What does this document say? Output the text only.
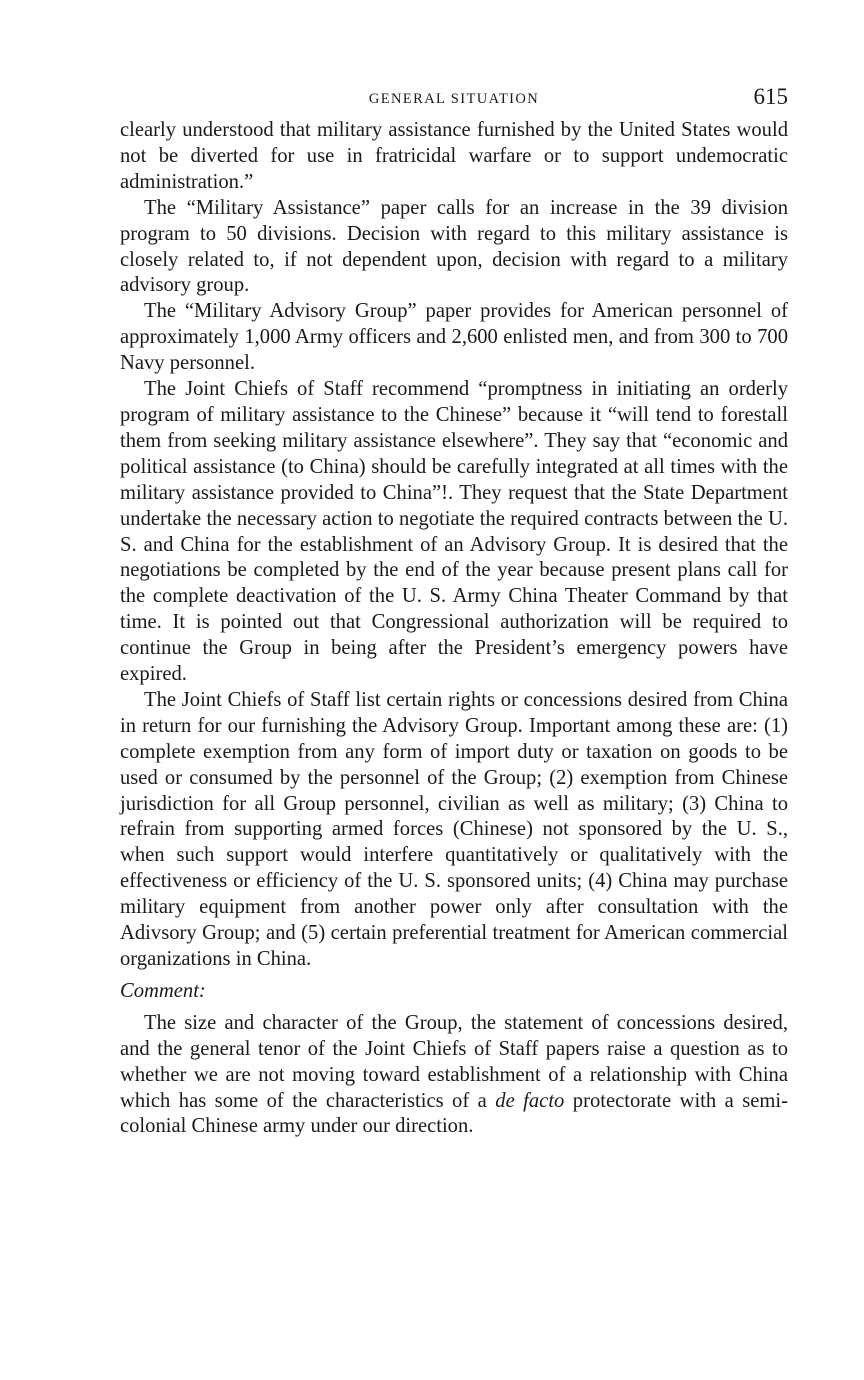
GENERAL SITUATION	615

clearly understood that military assistance furnished by the United States would not be diverted for use in fratricidal warfare or to support undemocratic administration.”

The “Military Assistance” paper calls for an increase in the 39 division program to 50 divisions. Decision with regard to this military assistance is closely related to, if not dependent upon, decision with regard to a military advisory group.

The “Military Advisory Group” paper provides for American personnel of approximately 1,000 Army officers and 2,600 enlisted men, and from 300 to 700 Navy personnel.

The Joint Chiefs of Staff recommend “promptness in initiating an orderly program of military assistance to the Chinese” because it “will tend to forestall them from seeking military assistance elsewhere”. They say that “economic and political assistance (to China) should be carefully integrated at all times with the military assistance provided to China”!. They request that the State Department undertake the necessary action to negotiate the required contracts between the U. S. and China for the establishment of an Advisory Group. It is desired that the negotiations be completed by the end of the year because present plans call for the complete deactivation of the U. S. Army China Theater Command by that time. It is pointed out that Congressional authorization will be required to continue the Group in being after the President’s emergency powers have expired.

The Joint Chiefs of Staff list certain rights or concessions desired from China in return for our furnishing the Advisory Group. Important among these are: (1) complete exemption from any form of import duty or taxation on goods to be used or consumed by the personnel of the Group; (2) exemption from Chinese jurisdiction for all Group personnel, civilian as well as military; (3) China to refrain from supporting armed forces (Chinese) not sponsored by the U. S., when such support would interfere quantitatively or qualitatively with the effectiveness or efficiency of the U. S. sponsored units; (4) China may purchase military equipment from another power only after consultation with the Adivsory Group; and (5) certain preferential treatment for American commercial organizations in China.

Comment:

The size and character of the Group, the statement of concessions desired, and the general tenor of the Joint Chiefs of Staff papers raise a question as to whether we are not moving toward establishment of a relationship with China which has some of the characteristics of a de facto protectorate with a semi-colonial Chinese army under our direction.
